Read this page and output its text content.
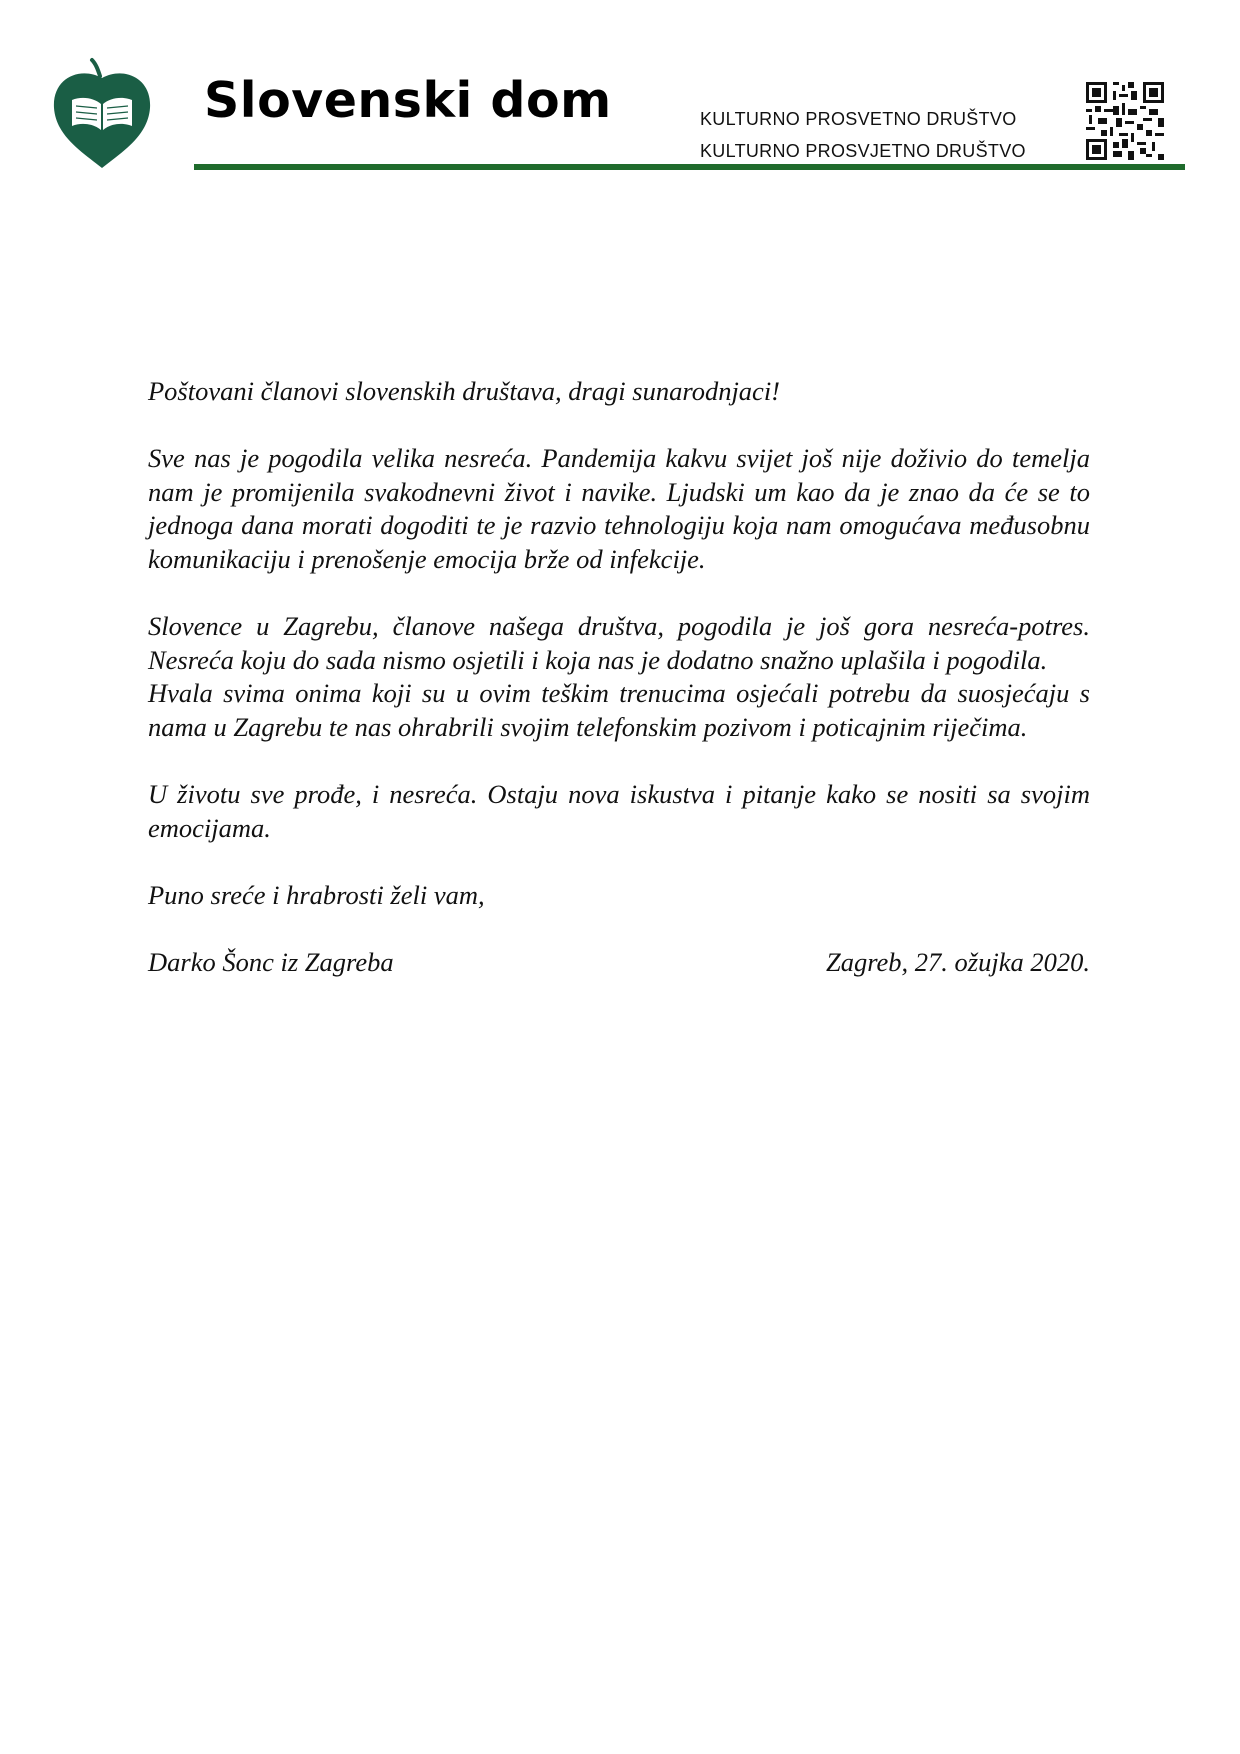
Slovenski dom	KULTURNO PROSVETNO DRUŠTVO
KULTURNO PROSVJETNO DRUŠTVO

Poštovani članovi slovenskih društava, dragi sunarodnjaci!

Sve nas je pogodila velika nesreća. Pandemija kakvu svijet još nije doživio do temelja nam je promijenila svakodnevni život i navike. Ljudski um kao da je znao da će se to jednoga dana morati dogoditi te je razvio tehnologiju koja nam omogućava međusobnu komunikaciju i prenošenje emocija brže od infekcije.

Slovence u Zagrebu, članove našega društva, pogodila je još gora nesreća-potres. Nesreća koju do sada nismo osjetili i koja nas je dodatno snažno uplašila i pogodila.

Hvala svima onima koji su u ovim teškim trenucima osjećali potrebu da suosjećaju s nama u Zagrebu te nas ohrabrili svojim telefonskim pozivom i poticajnim riječima.

U životu sve prođe, i nesreća. Ostaju nova iskustva i pitanje kako se nositi sa svojim emocijama.

Puno sreće i hrabrosti želi vam,

Darko Šonc iz Zagreba	Zagreb, 27. ožujka 2020.
